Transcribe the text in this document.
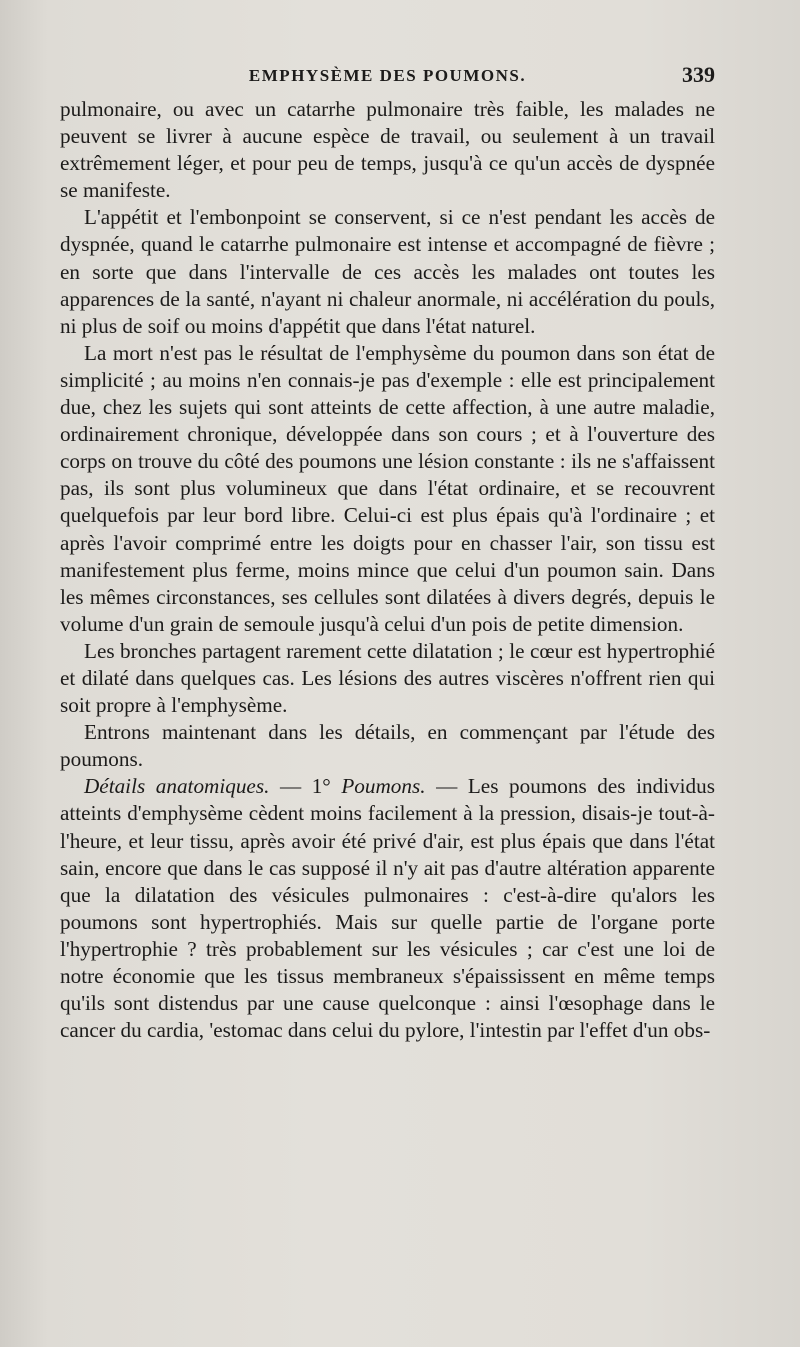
EMPHYSÈME DES POUMONS.	339

pulmonaire, ou avec un catarrhe pulmonaire très faible, les malades ne peuvent se livrer à aucune espèce de travail, ou seulement à un travail extrêmement léger, et pour peu de temps, jusqu'à ce qu'un accès de dyspnée se manifeste.

L'appétit et l'embonpoint se conservent, si ce n'est pendant les accès de dyspnée, quand le catarrhe pulmonaire est intense et accompagné de fièvre ; en sorte que dans l'intervalle de ces accès les malades ont toutes les apparences de la santé, n'ayant ni chaleur anormale, ni accélération du pouls, ni plus de soif ou moins d'appétit que dans l'état naturel.

La mort n'est pas le résultat de l'emphysème du poumon dans son état de simplicité ; au moins n'en connais-je pas d'exemple : elle est principalement due, chez les sujets qui sont atteints de cette affection, à une autre maladie, ordinairement chronique, développée dans son cours ; et à l'ouverture des corps on trouve du côté des poumons une lésion constante : ils ne s'affaissent pas, ils sont plus volumineux que dans l'état ordinaire, et se recouvrent quelquefois par leur bord libre. Celui-ci est plus épais qu'à l'ordinaire ; et après l'avoir comprimé entre les doigts pour en chasser l'air, son tissu est manifestement plus ferme, moins mince que celui d'un poumon sain. Dans les mêmes circonstances, ses cellules sont dilatées à divers degrés, depuis le volume d'un grain de semoule jusqu'à celui d'un pois de petite dimension.

Les bronches partagent rarement cette dilatation ; le cœur est hypertrophié et dilaté dans quelques cas. Les lésions des autres viscères n'offrent rien qui soit propre à l'emphysème.

Entrons maintenant dans les détails, en commençant par l'étude des poumons.

Détails anatomiques. — 1° Poumons. — Les poumons des individus atteints d'emphysème cèdent moins facilement à la pression, disais-je tout-à-l'heure, et leur tissu, après avoir été privé d'air, est plus épais que dans l'état sain, encore que dans le cas supposé il n'y ait pas d'autre altération apparente que la dilatation des vésicules pulmonaires : c'est-à-dire qu'alors les poumons sont hypertrophiés. Mais sur quelle partie de l'organe porte l'hypertrophie ? très probablement sur les vésicules ; car c'est une loi de notre économie que les tissus membraneux s'épaississent en même temps qu'ils sont distendus par une cause quelconque : ainsi l'œsophage dans le cancer du cardia, 'estomac dans celui du pylore, l'intestin par l'effet d'un obs-
